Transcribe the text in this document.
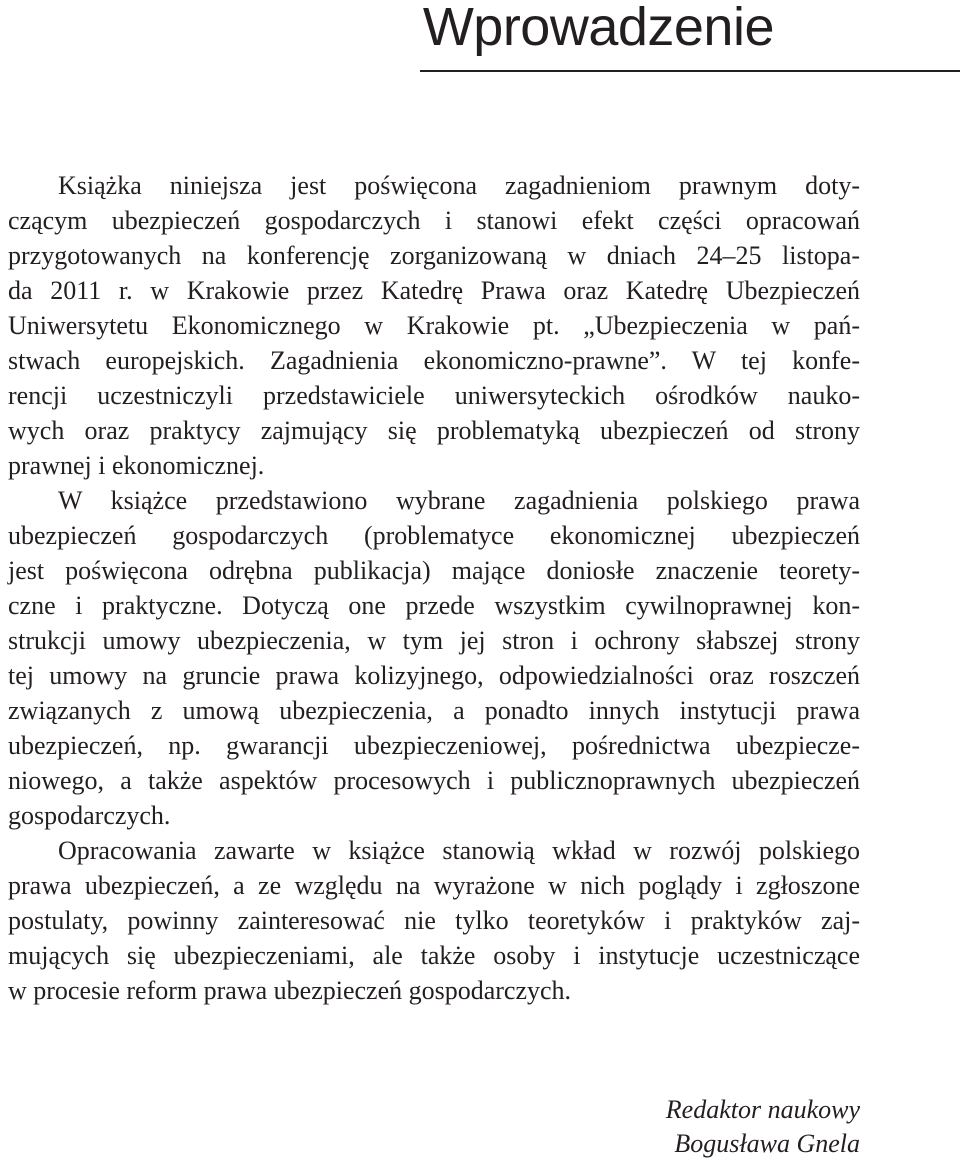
Wprowadzenie
Książka niniejsza jest poświęcona zagadnieniom prawnym doty-
czącym ubezpieczeń gospodarczych i stanowi efekt części opracowań
przygotowanych na konferencję zorganizowaną w dniach 24–25 listopa-
da 2011 r. w Krakowie przez Katedrę Prawa oraz Katedrę Ubezpieczeń
Uniwersytetu Ekonomicznego w Krakowie pt. „Ubezpieczenia w pań-
stwach europejskich. Zagadnienia ekonomiczno-prawne”. W tej konfe-
rencji uczestniczyli przedstawiciele uniwersyteckich ośrodków nauko-
wych oraz praktycy zajmujący się problematyką ubezpieczeń od strony
prawnej i ekonomicznej.
W książce przedstawiono wybrane zagadnienia polskiego prawa
ubezpieczeń gospodarczych (problematyce ekonomicznej ubezpieczeń
jest poświęcona odrębna publikacja) mające doniosłe znaczenie teorety-
czne i praktyczne. Dotyczą one przede wszystkim cywilnoprawnej kon-
strukcji umowy ubezpieczenia, w tym jej stron i ochrony słabszej strony
tej umowy na gruncie prawa kolizyjnego, odpowiedzialności oraz roszczeń
związanych z umową ubezpieczenia, a ponadto innych instytucji prawa
ubezpieczeń, np. gwarancji ubezpieczeniowej, pośrednictwa ubezpiecze-
niowego, a także aspektów procesowych i publicznoprawnych ubezpieczeń
gospodarczych.
Opracowania zawarte w książce stanowią wkład w rozwój polskiego
prawa ubezpieczeń, a ze względu na wyrażone w nich poglądy i zgłoszone
postulaty, powinny zainteresować nie tylko teoretyków i praktyków zaj-
mujących się ubezpieczeniami, ale także osoby i instytucje uczestniczące
w procesie reform prawa ubezpieczeń gospodarczych.
Redaktor naukowy
Bogusława Gnela
